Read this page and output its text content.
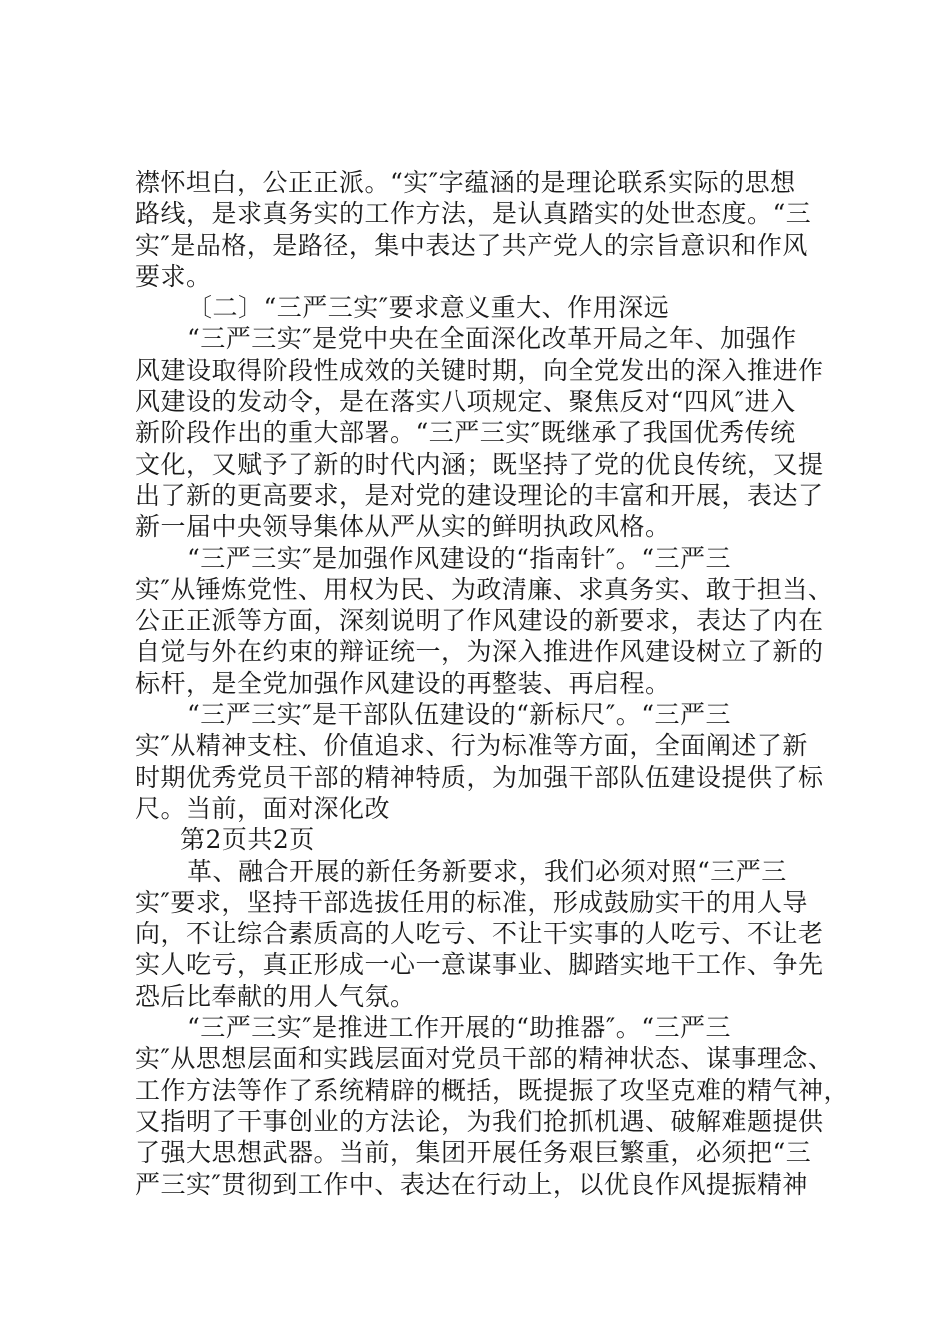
襟怀坦白，公正正派。“实″字蕴涵的是理论联系实际的思想
路线，是求真务实的工作方法，是认真踏实的处世态度。“三
实″是品格，是路径，集中表达了共产党人的宗旨意识和作风
要求。
〔二〕“三严三实″要求意义重大、作用深远
“三严三实″是党中央在全面深化改革开局之年、加强作
风建设取得阶段性成效的关键时期，向全党发出的深入推进作
风建设的发动令，是在落实八项规定、聚焦反对“四风″进入
新阶段作出的重大部署。“三严三实″既继承了我国优秀传统
文化，又赋予了新的时代内涵；既坚持了党的优良传统，又提
出了新的更高要求，是对党的建设理论的丰富和开展，表达了
新一届中央领导集体从严从实的鲜明执政风格。
“三严三实″是加强作风建设的“指南针″。“三严三
实″从锤炼党性、用权为民、为政清廉、求真务实、敢于担当、
公正正派等方面，深刻说明了作风建设的新要求，表达了内在
自觉与外在约束的辩证统一，为深入推进作风建设树立了新的
标杆，是全党加强作风建设的再整装、再启程。
“三严三实″是干部队伍建设的“新标尺″。“三严三
实″从精神支柱、价值追求、行为标准等方面，全面阐述了新
时期优秀党员干部的精神特质，为加强干部队伍建设提供了标
尺。当前，面对深化改
第2页共2页
革、融合开展的新任务新要求，我们必须对照“三严三
实″要求，坚持干部选拔任用的标准，形成鼓励实干的用人导
向，不让综合素质高的人吃亏、不让干实事的人吃亏、不让老
实人吃亏，真正形成一心一意谋事业、脚踏实地干工作、争先
恐后比奉献的用人气氛。
“三严三实″是推进工作开展的“助推器″。“三严三
实″从思想层面和实践层面对党员干部的精神状态、谋事理念、
工作方法等作了系统精辟的概括，既提振了攻坚克难的精气神，
又指明了干事创业的方法论，为我们抢抓机遇、破解难题提供
了强大思想武器。当前，集团开展任务艰巨繁重，必须把“三
严三实″贯彻到工作中、表达在行动上，以优良作风提振精神
